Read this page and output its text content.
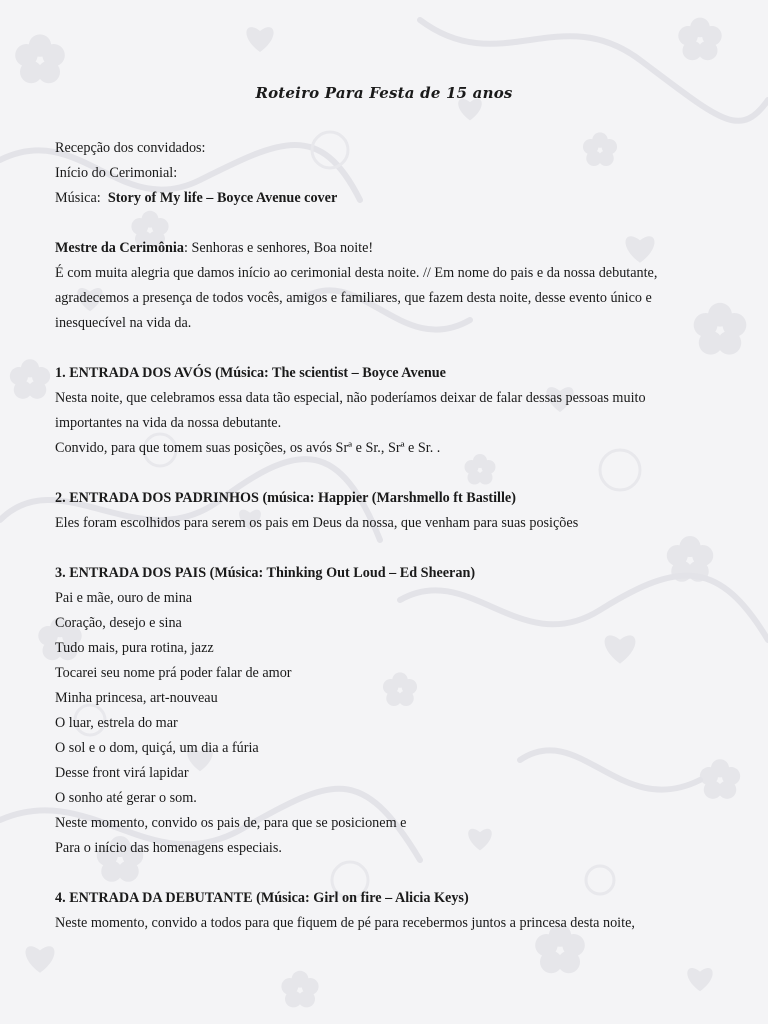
Roteiro Para Festa de 15 anos
Recepção dos convidados:
Início do Cerimonial:
Música: Story of My life – Boyce Avenue cover
Mestre da Cerimônia: Senhoras e senhores, Boa noite!
É com muita alegria que damos início ao cerimonial desta noite. // Em nome do pais e da nossa debutante,
agradecemos a presença de todos vocês, amigos e familiares, que fazem desta noite, desse evento único e
inesquecível na vida da.
1. ENTRADA DOS AVÓS (Música: The scientist – Boyce Avenue
Nesta noite, que celebramos essa data tão especial, não poderíamos deixar de falar dessas pessoas muito
importantes na vida da nossa debutante.
Convido, para que tomem suas posições, os avós Srª e Sr., Srª e Sr. .
2. ENTRADA DOS PADRINHOS (música: Happier (Marshmello ft Bastille)
Eles foram escolhidos para serem os pais em Deus da nossa, que venham para suas posições
3. ENTRADA DOS PAIS (Música: Thinking Out Loud – Ed Sheeran)
Pai e mãe, ouro de mina
Coração, desejo e sina
Tudo mais, pura rotina, jazz
Tocarei seu nome prá poder falar de amor
Minha princesa, art-nouveau
O luar, estrela do mar
O sol e o dom, quiçá, um dia a fúria
Desse front virá lapidar
O sonho até gerar o som.
Neste momento, convido os pais de, para que se posicionem e
Para o início das homenagens especiais.
4. ENTRADA DA DEBUTANTE (Música: Girl on fire – Alicia Keys)
Neste momento, convido a todos para que fiquem de pé para recebermos juntos a princesa desta noite,
